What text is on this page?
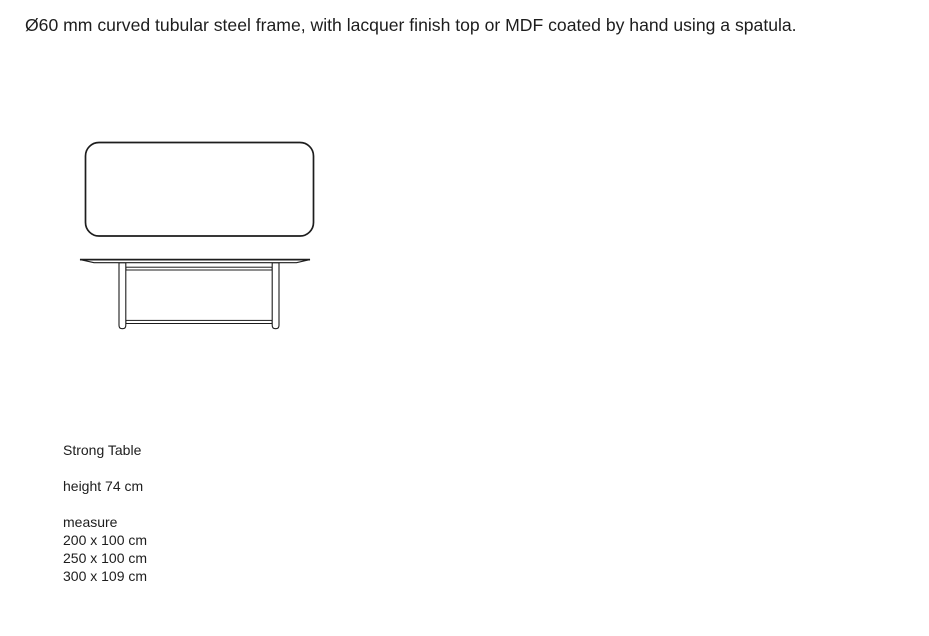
Ø60 mm curved tubular steel frame, with lacquer finish top or MDF coated by hand using a spatula.
Strong Table
height 74 cm
measure
200 x 100 cm
250 x 100 cm
300 x 109 cm
